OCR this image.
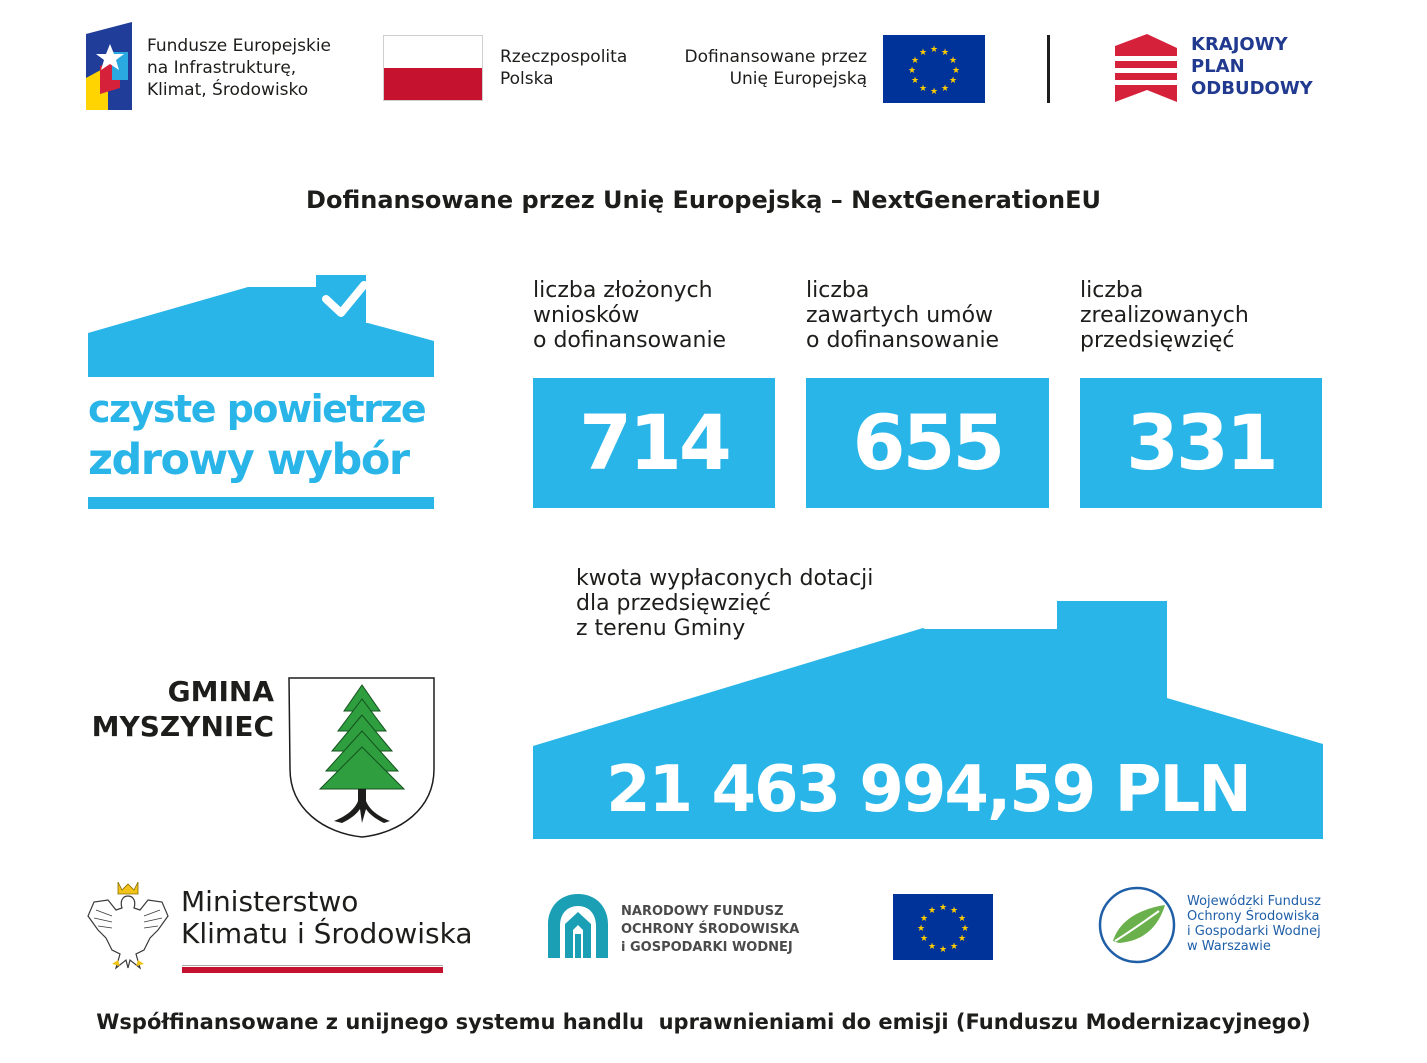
Fundusze Europejskie
na Infrastrukturę,
Klimat, Środowisko
Rzeczpospolita
Polska
Dofinansowane przez
Unię Europejską
★ ★
★
★
★
★
★
★
★
★
★
★	KRAJOWY
PLAN
ODBUDOWY
Dofinansowane przez Unię Europejską – NextGenerationEU
czyste powietrze
zdrowy wybór
liczba złożonych
wniosków
o dofinansowanie
714
liczba
zawartych umów
o dofinansowanie
655
liczba
zrealizowanych
przedsięwzięć
331
kwota wypłaconych dotacji
dla przedsięwzięć
z terenu Gminy
21 463 994,59 PLN
GMINA
MYSZYNIEC
Ministerstwo
Klimatu i Środowiska
NARODOWY FUNDUSZ
OCHRONY ŚRODOWISKA
i GOSPODARKI WODNEJ
★ ★
★
★
★
★
★
★
★
★
★
★
Wojewódzki Fundusz
Ochrony Środowiska
i Gospodarki Wodnej
w Warszawie
Współfinansowane z unijnego systemu handlu  uprawnieniami do emisji (Funduszu Modernizacyjnego)
